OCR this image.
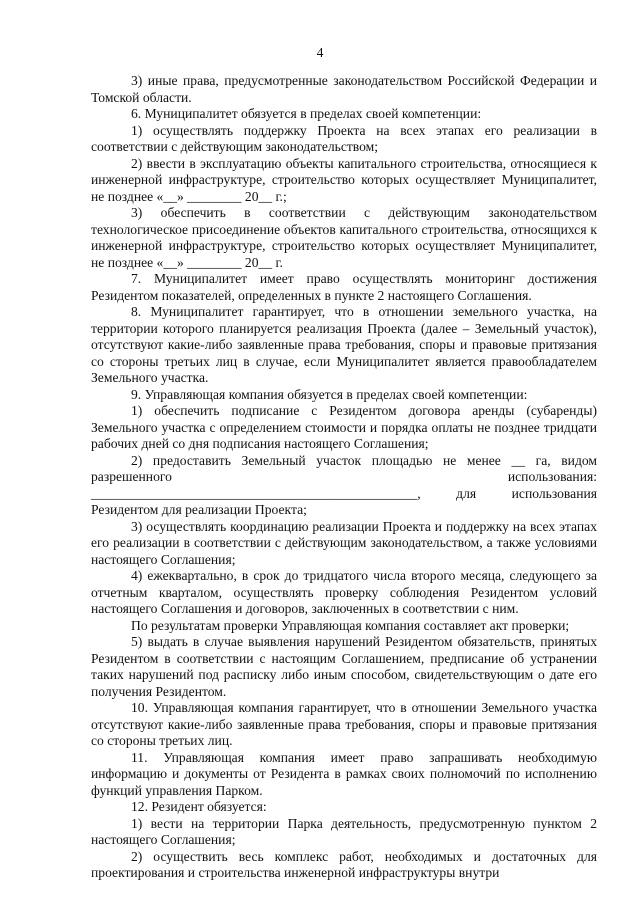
4

3) иные права, предусмотренные законодательством Российской Федерации и Томской области.

6. Муниципалитет обязуется в пределах своей компетенции:

1) осуществлять поддержку Проекта на всех этапах его реализации в соответствии с действующим законодательством;

2) ввести в эксплуатацию объекты капитального строительства, относящиеся к инженерной инфраструктуре, строительство которых осуществляет Муниципалитет, не позднее «__» ________ 20__ г.;

3) обеспечить в соответствии с действующим законодательством технологическое присоединение объектов капитального строительства, относящихся к инженерной инфраструктуре, строительство которых осуществляет Муниципалитет, не позднее «__» ________ 20__ г.

7. Муниципалитет имеет право осуществлять мониторинг достижения Резидентом показателей, определенных в пункте 2 настоящего Соглашения.

8. Муниципалитет гарантирует, что в отношении земельного участка, на территории которого планируется реализация Проекта (далее – Земельный участок), отсутствуют какие-либо заявленные права требования, споры и правовые притязания со стороны третьих лиц в случае, если Муниципалитет является правообладателем Земельного участка.

9. Управляющая компания обязуется в пределах своей компетенции:

1) обеспечить подписание с Резидентом договора аренды (субаренды) Земельного участка с определением стоимости и порядка оплаты не позднее тридцати рабочих дней со дня подписания настоящего Соглашения;

2) предоставить Земельный участок площадью не менее __ га, видом разрешенного использования: ________________________________________________, для использования Резидентом для реализации Проекта;

3) осуществлять координацию реализации Проекта и поддержку на всех этапах его реализации в соответствии с действующим законодательством, а также условиями настоящего Соглашения;

4) ежеквартально, в срок до тридцатого числа второго месяца, следующего за отчетным кварталом, осуществлять проверку соблюдения Резидентом условий настоящего Соглашения и договоров, заключенных в соответствии с ним.

По результатам проверки Управляющая компания составляет акт проверки;

5) выдать в случае выявления нарушений Резидентом обязательств, принятых Резидентом в соответствии с настоящим Соглашением, предписание об устранении таких нарушений под расписку либо иным способом, свидетельствующим о дате его получения Резидентом.

10. Управляющая компания гарантирует, что в отношении Земельного участка отсутствуют какие-либо заявленные права требования, споры и правовые притязания со стороны третьих лиц.

11. Управляющая компания имеет право запрашивать необходимую информацию и документы от Резидента в рамках своих полномочий по исполнению функций управления Парком.

12. Резидент обязуется:

1) вести на территории Парка деятельность, предусмотренную пунктом 2 настоящего Соглашения;

2) осуществить весь комплекс работ, необходимых и достаточных для проектирования и строительства инженерной инфраструктуры внутри
